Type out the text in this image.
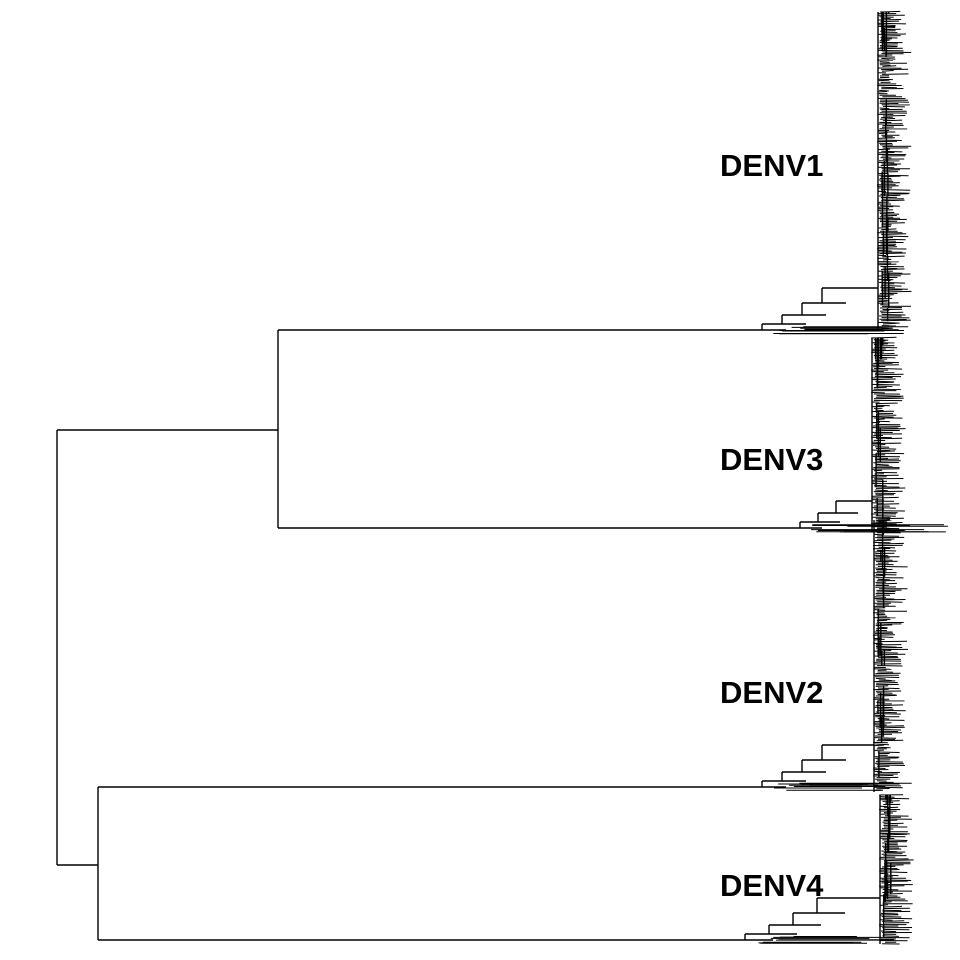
DENV1
DENV3
DENV2
DENV4
